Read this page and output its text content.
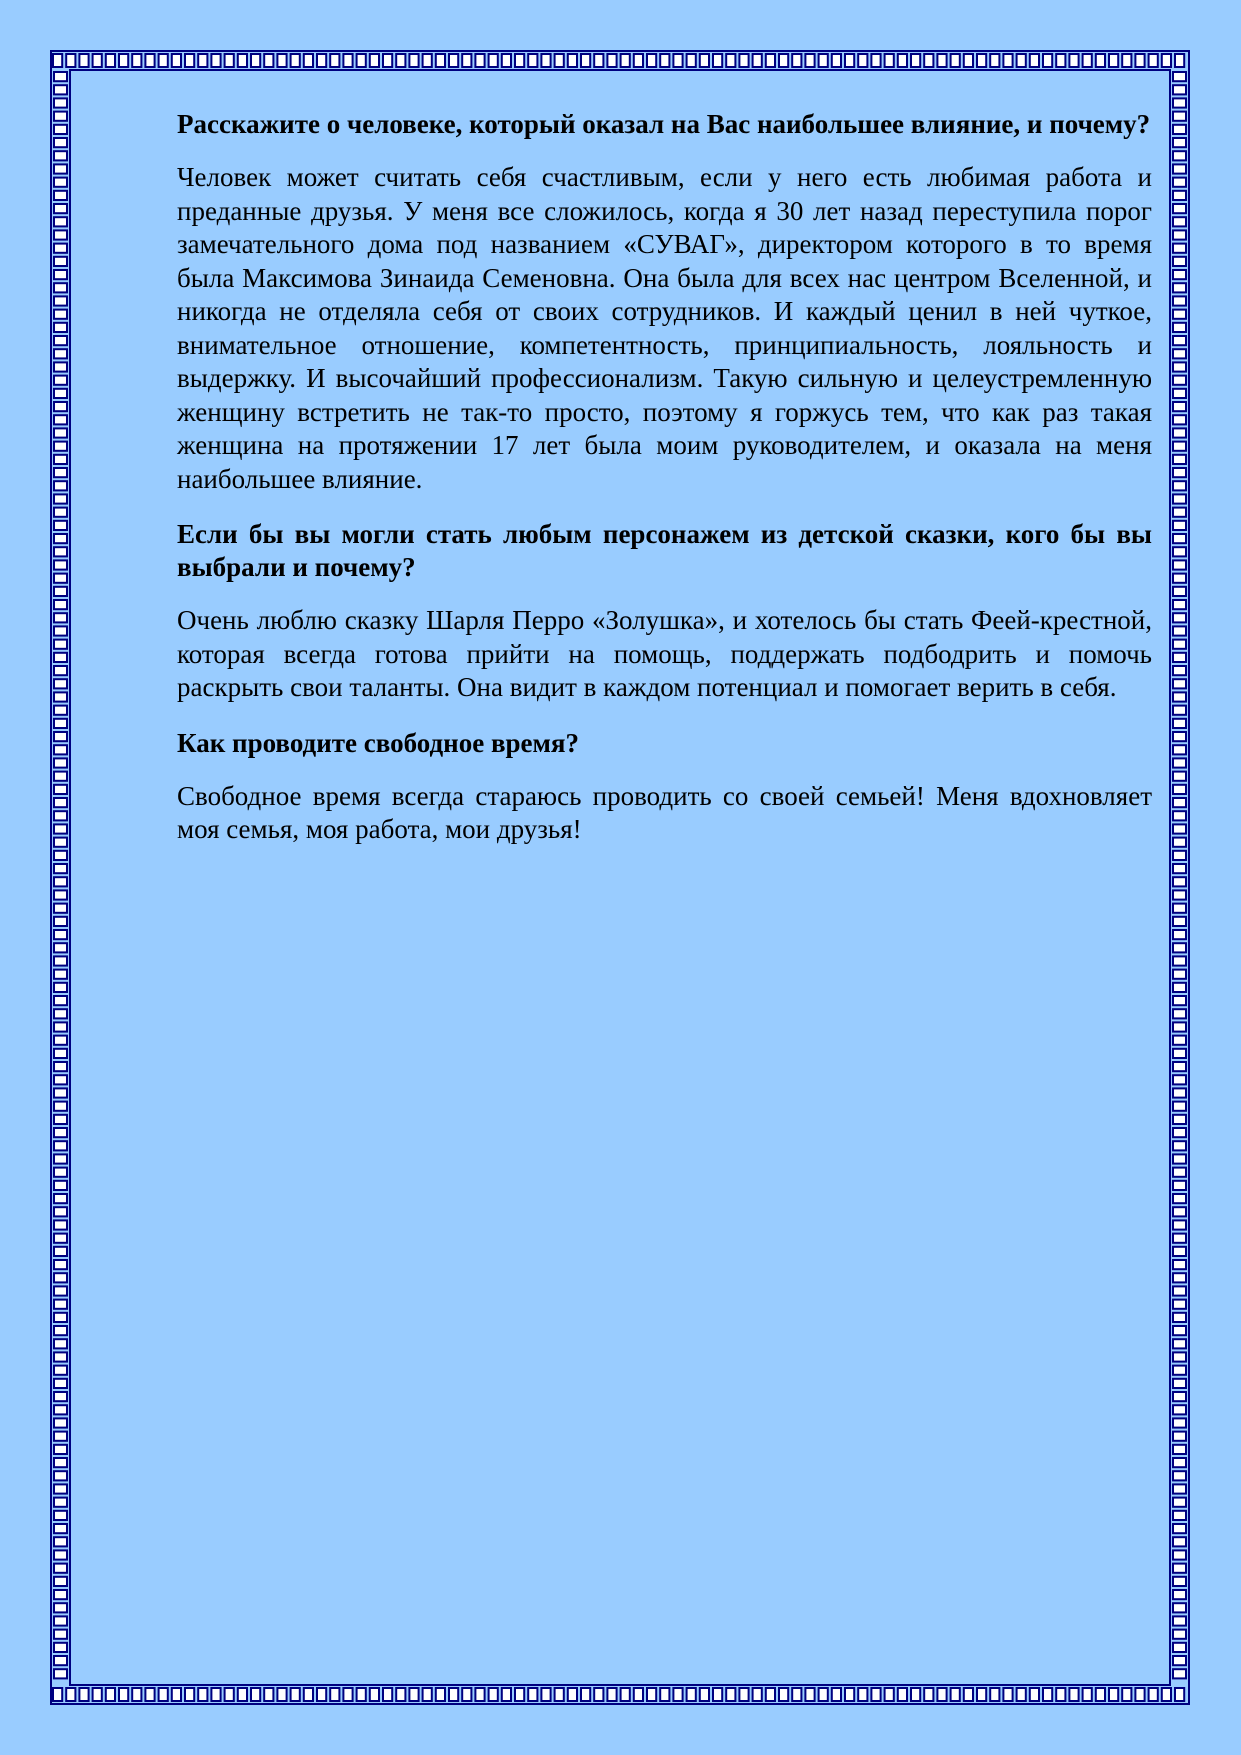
Расскажите о человеке, который оказал на Вас наибольшее влияние, и почему?

Человек может считать себя счастливым, если у него есть любимая работа и преданные друзья. У меня все сложилось, когда я 30 лет назад переступила порог замечательного дома под названием «СУВАГ», директором которого в то время была Максимова Зинаида Семеновна. Она была для всех нас центром Вселенной, и никогда не отделяла себя от своих сотрудников. И каждый ценил в ней чуткое, внимательное отношение, компетентность, принципиальность, лояльность и выдержку. И высочайший профессионализм. Такую сильную и целеустремленную женщину встретить не так-то просто, поэтому я горжусь тем, что как раз такая женщина на протяжении 17 лет была моим руководителем, и оказала на меня наибольшее влияние.

Если бы вы могли стать любым персонажем из детской сказки, кого бы вы выбрали и почему?

Очень люблю сказку Шарля Перро «Золушка», и хотелось бы стать Феей-крестной, которая всегда готова прийти на помощь, поддержать подбодрить и помочь раскрыть свои таланты. Она видит в каждом потенциал и помогает верить в себя.

Как проводите свободное время?

Свободное время всегда стараюсь проводить со своей семьей! Меня вдохновляет моя семья, моя работа, мои друзья!
